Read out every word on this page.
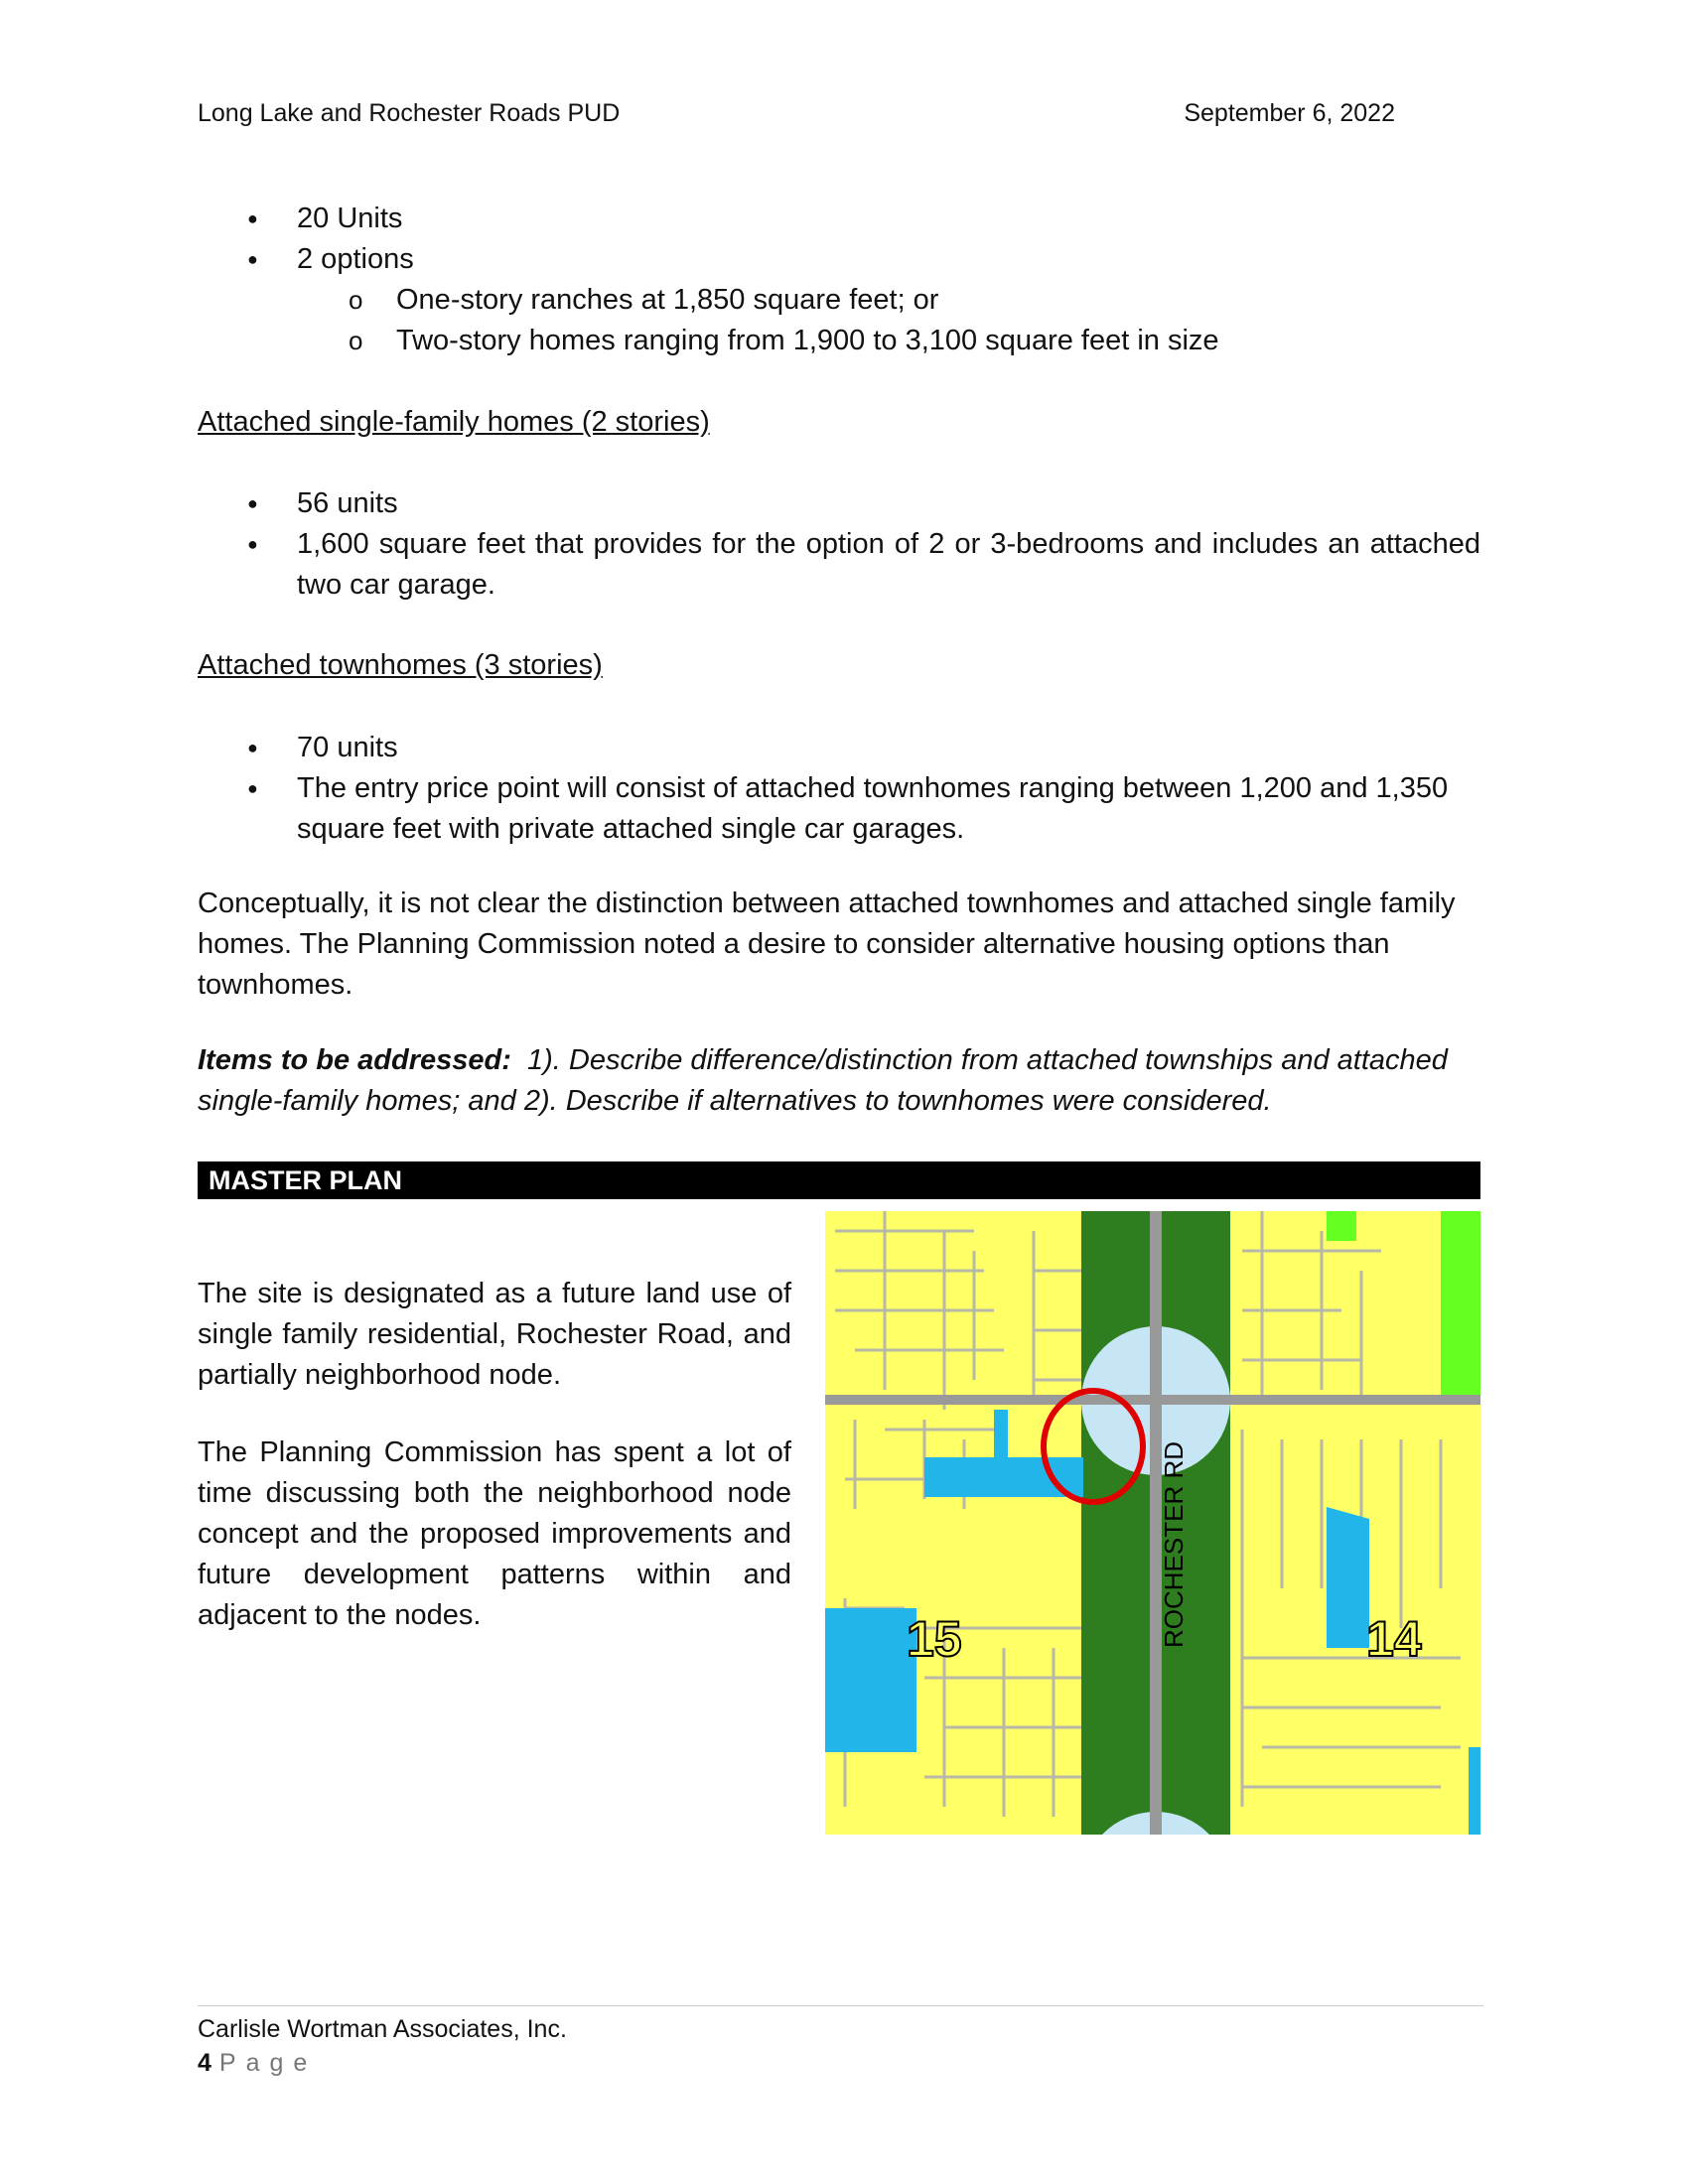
Long Lake and Rochester Roads PUD	September 6, 2022
● 20 Units
● 2 options
o One-story ranches at 1,850 square feet; or
o Two-story homes ranging from 1,900 to 3,100 square feet in size
Attached single-family homes (2 stories)
● 56 units
● 1,600 square feet that provides for the option of 2 or 3-bedrooms and includes an attached two car garage.
Attached townhomes (3 stories)
● 70 units
● The entry price point will consist of attached townhomes ranging between 1,200 and 1,350 square feet with private attached single car garages.
Conceptually, it is not clear the distinction between attached townhomes and attached single family homes. The Planning Commission noted a desire to consider alternative housing options than townhomes.
Items to be addressed: 1). Describe difference/distinction from attached townships and attached single-family homes; and 2). Describe if alternatives to townhomes were considered.
MASTER PLAN
The site is designated as a future land use of single family residential, Rochester Road, and partially neighborhood node.
The Planning Commission has spent a lot of time discussing both the neighborhood node concept and the proposed improvements and future development patterns within and adjacent to the nodes.	ROCHESTER RD
15	14
Carlisle Wortman Associates, Inc.
4 Page
